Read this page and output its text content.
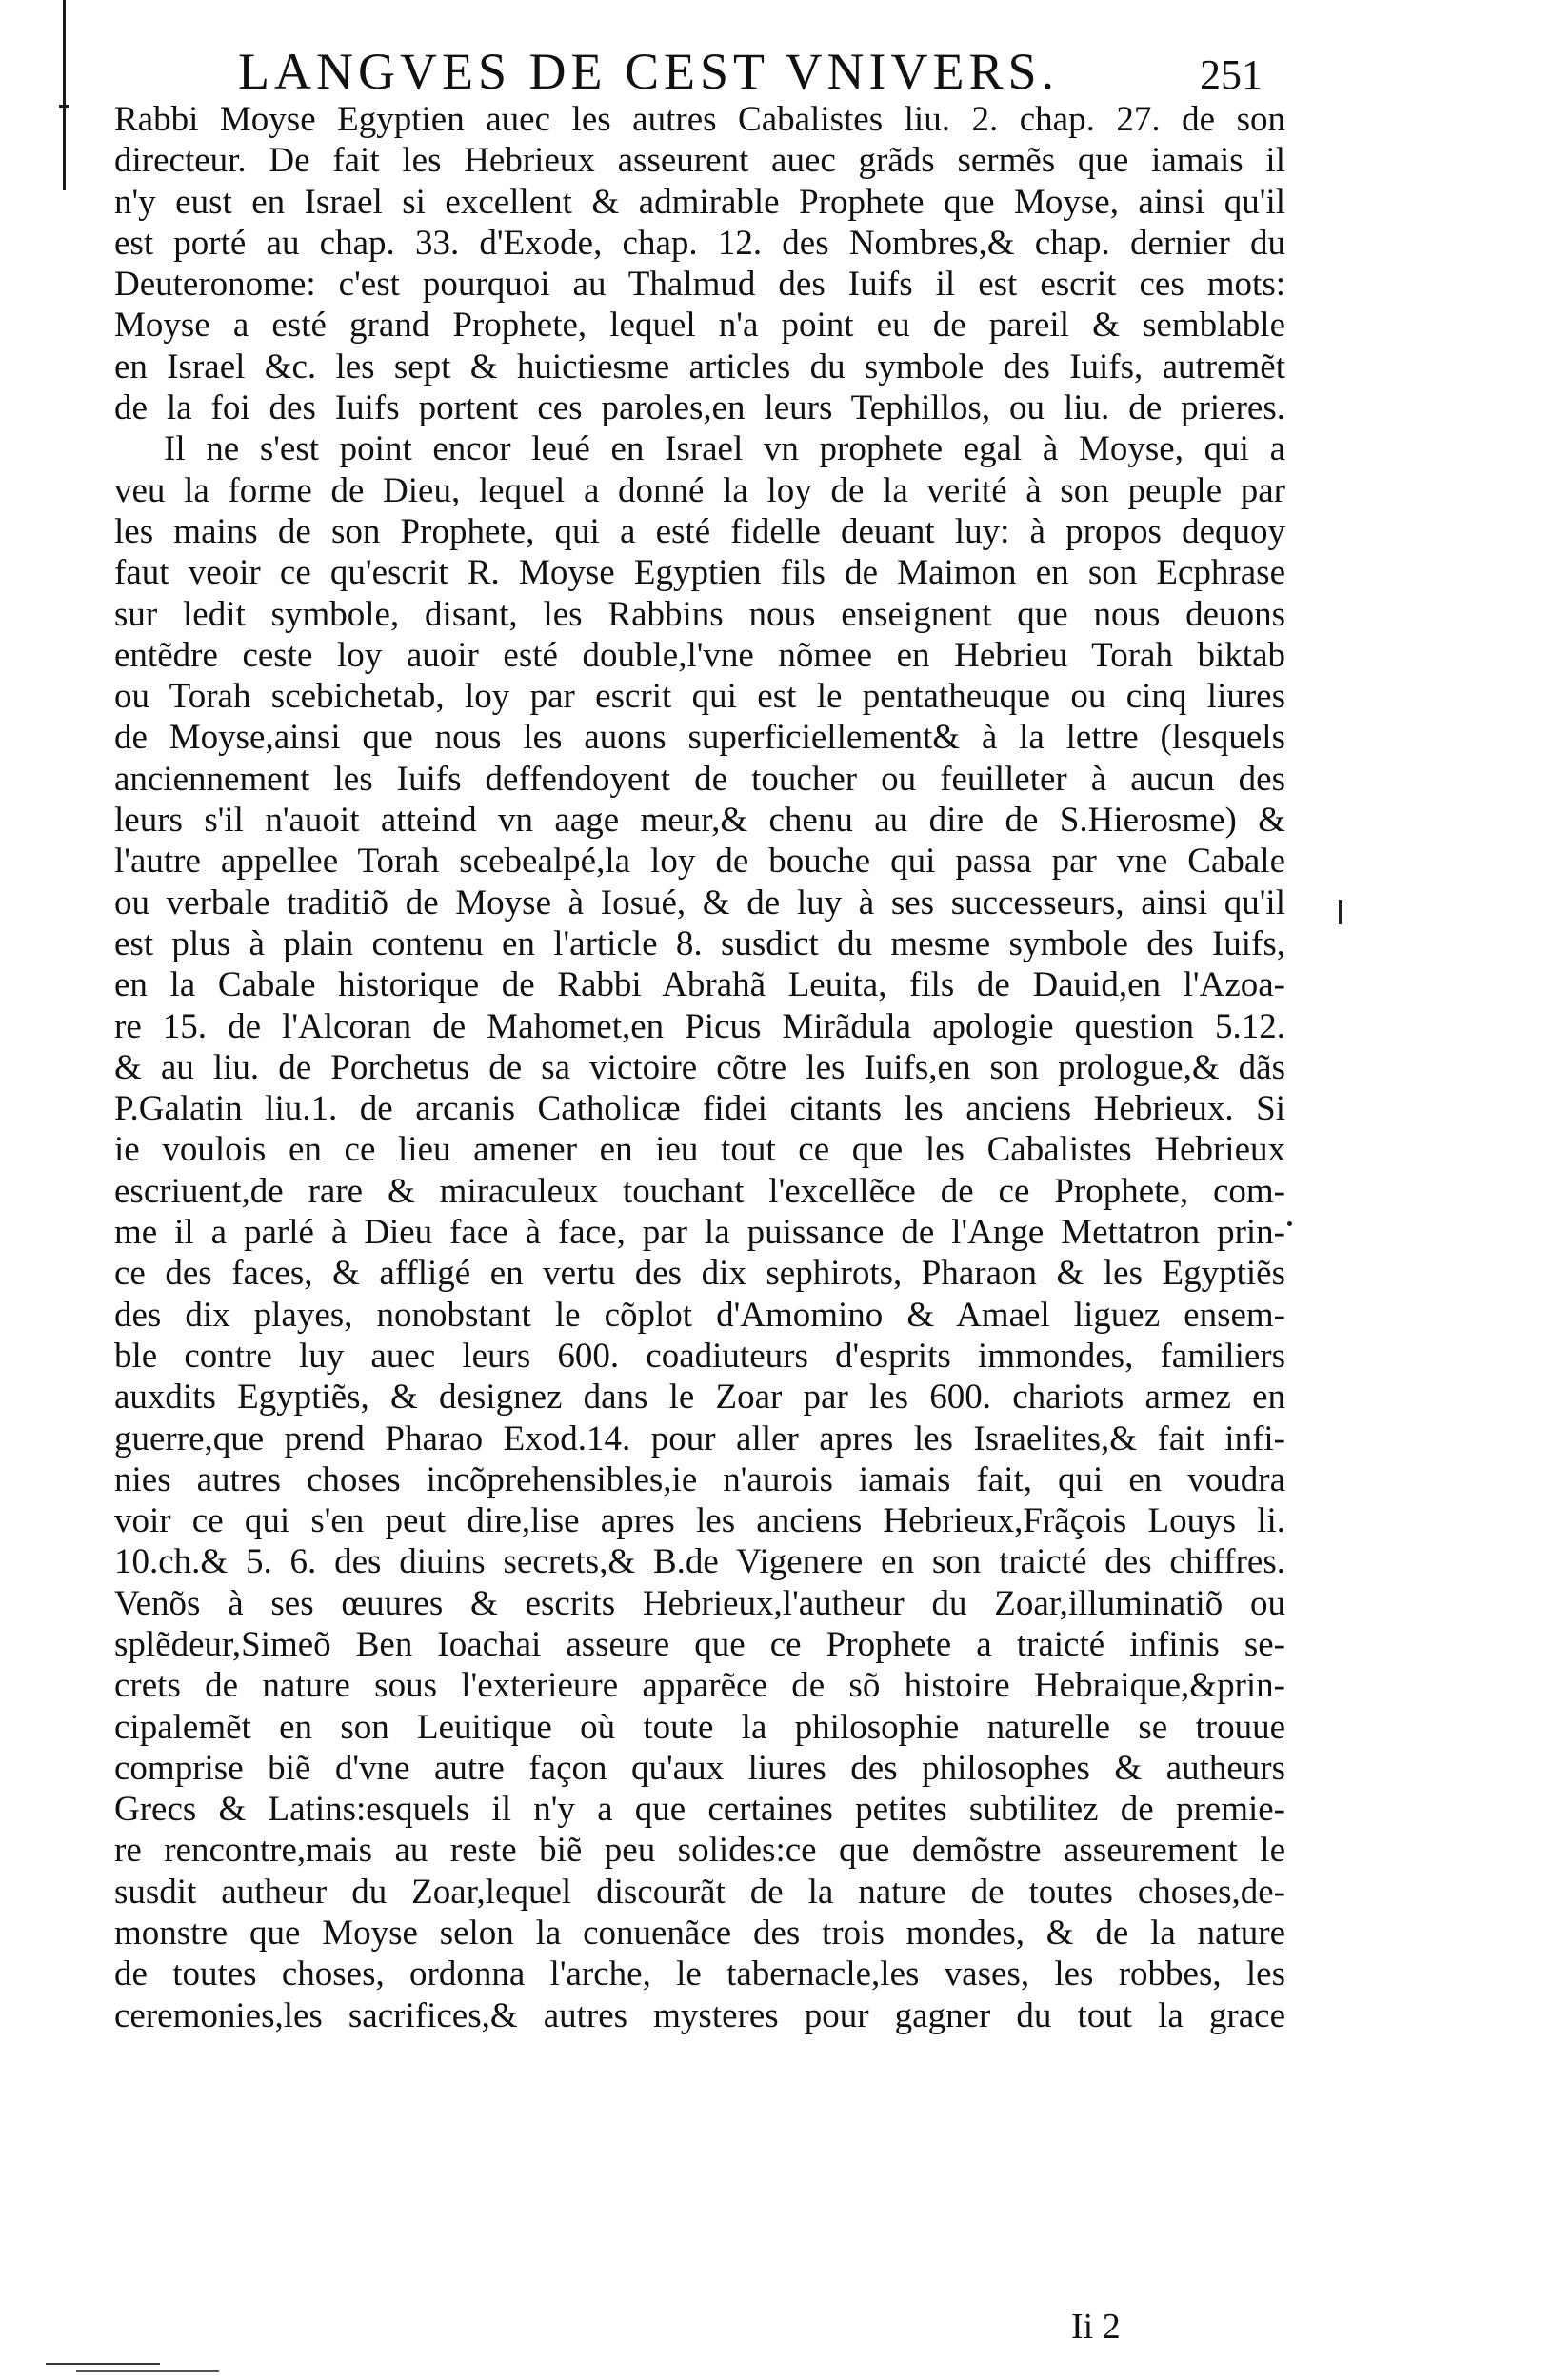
LANGVES DE CEST VNIVERS.	251
Rabbi Moyse Egyptien auec les autres Cabalistes liu. 2. chap. 27. de son
directeur. De fait les Hebrieux asseurent auec grãds sermẽs que iamais il
n'y eust en Israel si excellent & admirable Prophete que Moyse, ainsi qu'il
est porté au chap. 33. d'Exode, chap. 12. des Nombres,& chap. dernier du
Deuteronome: c'est pourquoi au Thalmud des Iuifs il est escrit ces mots:
Moyse a esté grand Prophete, lequel n'a point eu de pareil & semblable
en Israel &c. les sept & huictiesme articles du symbole des Iuifs, autremẽt
de la foi des Iuifs portent ces paroles,en leurs Tephillos, ou liu. de prieres.
Il ne s'est point encor leué en Israel vn prophete egal à Moyse, qui a
veu la forme de Dieu, lequel a donné la loy de la verité à son peuple par
les mains de son Prophete, qui a esté fidelle deuant luy: à propos dequoy
faut veoir ce qu'escrit R. Moyse Egyptien fils de Maimon en son Ecphrase
sur ledit symbole, disant, les Rabbins nous enseignent que nous deuons
entẽdre ceste loy auoir esté double,l'vne nõmee en Hebrieu Torah biktab
ou Torah scebichetab, loy par escrit qui est le pentatheuque ou cinq liures
de Moyse,ainsi que nous les auons superficiellement& à la lettre (lesquels
anciennement les Iuifs deffendoyent de toucher ou feuilleter à aucun des
leurs s'il n'auoit atteind vn aage meur,& chenu au dire de S.Hierosme) &
l'autre appellee Torah scebealpé,la loy de bouche qui passa par vne Cabale
ou verbale traditiõ de Moyse à Iosué, & de luy à ses successeurs, ainsi qu'il
est plus à plain contenu en l'article 8. susdict du mesme symbole des Iuifs,
en la Cabale historique de Rabbi Abrahã Leuita, fils de Dauid,en l'Azoa-
re 15. de l'Alcoran de Mahomet,en Picus Mirãdula apologie question 5.12.
& au liu. de Porchetus de sa victoire cõtre les Iuifs,en son prologue,& dãs
P.Galatin liu.1. de arcanis Catholicæ fidei citants les anciens Hebrieux. Si
ie voulois en ce lieu amener en ieu tout ce que les Cabalistes Hebrieux
escriuent,de rare & miraculeux touchant l'excellẽce de ce Prophete, com-
me il a parlé à Dieu face à face, par la puissance de l'Ange Mettatron prin-
ce des faces, & affligé en vertu des dix sephirots, Pharaon & les Egyptiẽs
des dix playes, nonobstant le cõplot d'Amomino & Amael liguez ensem-
ble contre luy auec leurs 600. coadiuteurs d'esprits immondes, familiers
auxdits Egyptiẽs, & designez dans le Zoar par les 600. chariots armez en
guerre,que prend Pharao Exod.14. pour aller apres les Israelites,& fait infi-
nies autres choses incõprehensibles,ie n'aurois iamais fait, qui en voudra
voir ce qui s'en peut dire,lise apres les anciens Hebrieux,Frãçois Louys li.
10.ch.& 5. 6. des diuins secrets,& B.de Vigenere en son traicté des chiffres.
Venõs à ses œuures & escrits Hebrieux,l'autheur du Zoar,illuminatiõ ou
splẽdeur,Simeõ Ben Ioachai asseure que ce Prophete a traicté infinis se-
crets de nature sous l'exterieure apparẽce de sõ histoire Hebraique,&prin-
cipalemẽt en son Leuitique où toute la philosophie naturelle se trouue
comprise biẽ d'vne autre façon qu'aux liures des philosophes & autheurs
Grecs & Latins:esquels il n'y a que certaines petites subtilitez de premie-
re rencontre,mais au reste biẽ peu solides:ce que demõstre asseurement le
susdit autheur du Zoar,lequel discourãt de la nature de toutes choses,de-
monstre que Moyse selon la conuenãce des trois mondes, & de la nature
de toutes choses, ordonna l'arche, le tabernacle,les vases, les robbes, les
ceremonies,les sacrifices,& autres mysteres pour gagner du tout la grace
Ii 2
